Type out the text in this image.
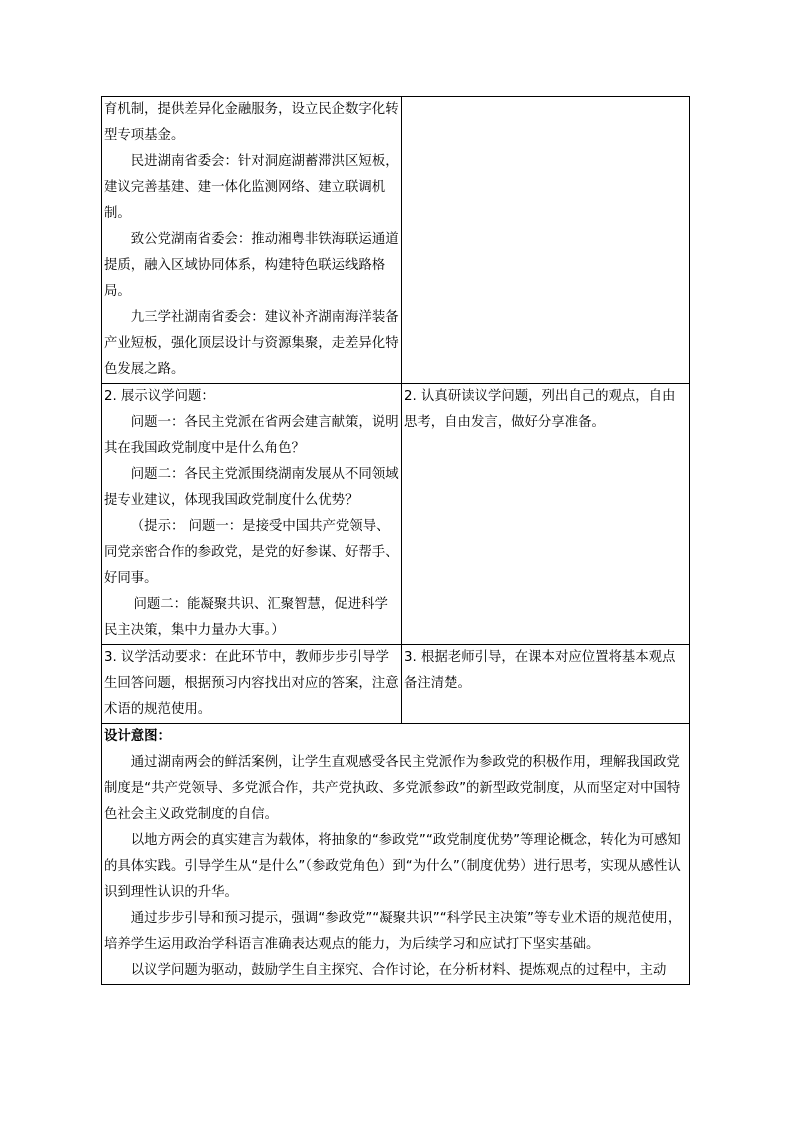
育机制，提供差异化金融服务，设立民企数字化转型专项基金。

民进湖南省委会：针对洞庭湖蓄滞洪区短板，建议完善基建、建一体化监测网络、建立联调机制。

致公党湖南省委会：推动湘粤非铁海联运通道提质，融入区域协同体系，构建特色联运线路格局。

九三学社湖南省委会：建议补齐湖南海洋装备产业短板，强化顶层设计与资源集聚，走差异化特色发展之路。	

2. 展示议学问题：

问题一：各民主党派在省两会建言献策，说明其在我国政党制度中是什么角色？

问题二：各民主党派围绕湖南发展从不同领域提专业建议，体现我国政党制度什么优势？

（提示： 问题一：是接受中国共产党领导、同党亲密合作的参政党，是党的好参谋、好帮手、好同事。

问题二：能凝聚共识、汇聚智慧，促进科学民主决策，集中力量办大事。）	2. 认真研读议学问题，列出自己的观点，自由思考，自由发言，做好分享准备。

3. 议学活动要求：在此环节中，教师步步引导学生回答问题，根据预习内容找出对应的答案，注意术语的规范使用。	3. 根据老师引导，在课本对应位置将基本观点备注清楚。

设计意图：

通过湖南两会的鲜活案例，让学生直观感受各民主党派作为参政党的积极作用，理解我国政党制度是“共产党领导、多党派合作，共产党执政、多党派参政”的新型政党制度，从而坚定对中国特色社会主义政党制度的自信。

以地方两会的真实建言为载体，将抽象的“参政党”“政党制度优势”等理论概念，转化为可感知的具体实践。引导学生从“是什么”（参政党角色）到“为什么”（制度优势）进行思考，实现从感性认识到理性认识的升华。

通过步步引导和预习提示，强调“参政党”“凝聚共识”“科学民主决策”等专业术语的规范使用，培养学生运用政治学科语言准确表达观点的能力，为后续学习和应试打下坚实基础。

以议学问题为驱动，鼓励学生自主探究、合作讨论，在分析材料、提炼观点的过程中，主动	
